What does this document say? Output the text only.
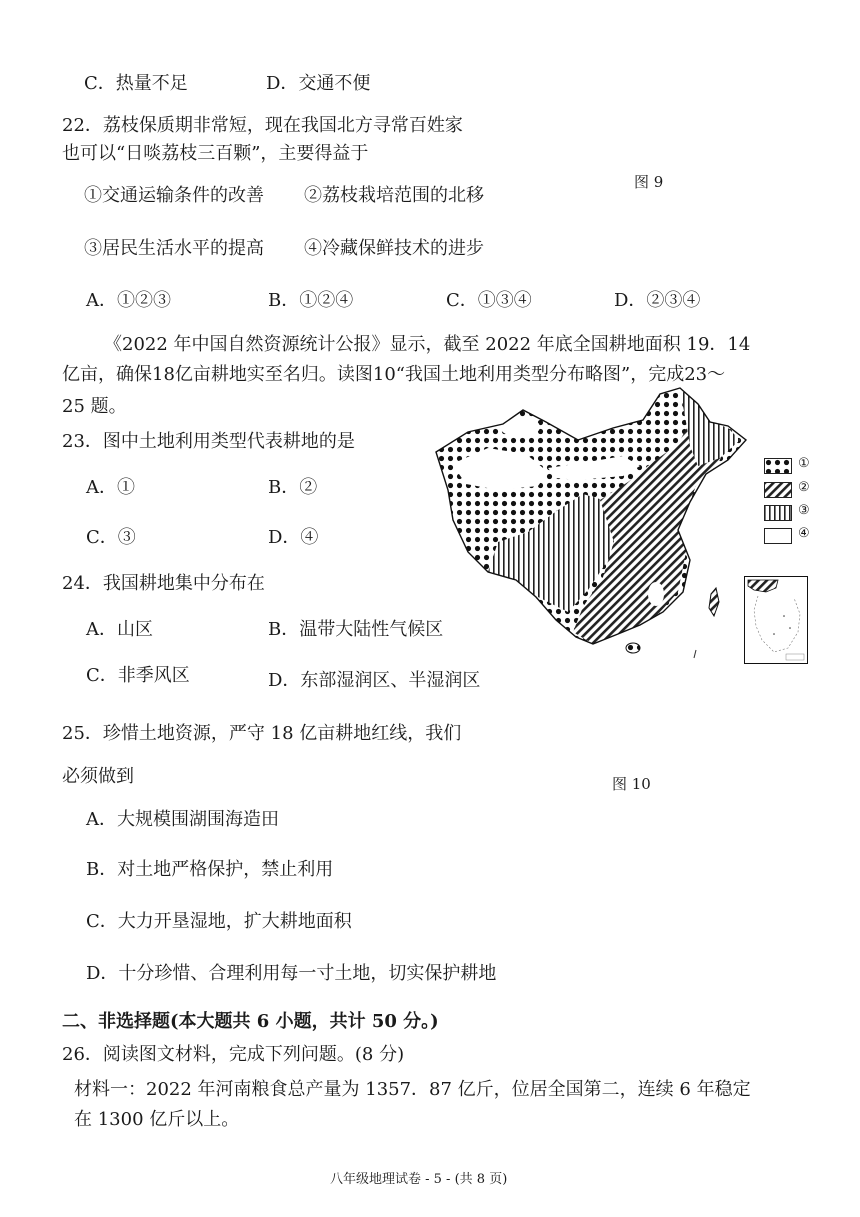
C．热量不足	D．交通不便
22．荔枝保质期非常短，现在我国北方寻常百姓家
也可以“日啖荔枝三百颗”，主要得益于
图 9
①交通运输条件的改善 ②荔枝栽培范围的北移
③居民生活水平的提高 ④冷藏保鲜技术的进步
A．①②③	B．①②④	C．①③④	D．②③④
《2022 年中国自然资源统计公报》显示，截至 2022 年底全国耕地面积 19．14
亿亩，确保18亿亩耕地实至名归。读图10“我国土地利用类型分布略图”，完成23～
25 题。
23．图中土地利用类型代表耕地的是
A．①	B．②
C．③	D．④
24．我国耕地集中分布在
A．山区	B．温带大陆性气候区
C．非季风区	D．东部湿润区、半湿润区
25．珍惜土地资源，严守 18 亿亩耕地红线，我们
必须做到	图 10
A．大规模围湖围海造田
B．对土地严格保护，禁止利用
C．大力开垦湿地，扩大耕地面积
D．十分珍惜、合理利用每一寸土地，切实保护耕地
二、非选择题(本大题共 6 小题，共计 50 分。)
26．阅读图文材料，完成下列问题。(8 分)
材料一：2022 年河南粮食总产量为 1357．87 亿斤，位居全国第二，连续 6 年稳定
在 1300 亿斤以上。
①
②
③
④
八年级地理试卷 - 5 - (共 8 页)
